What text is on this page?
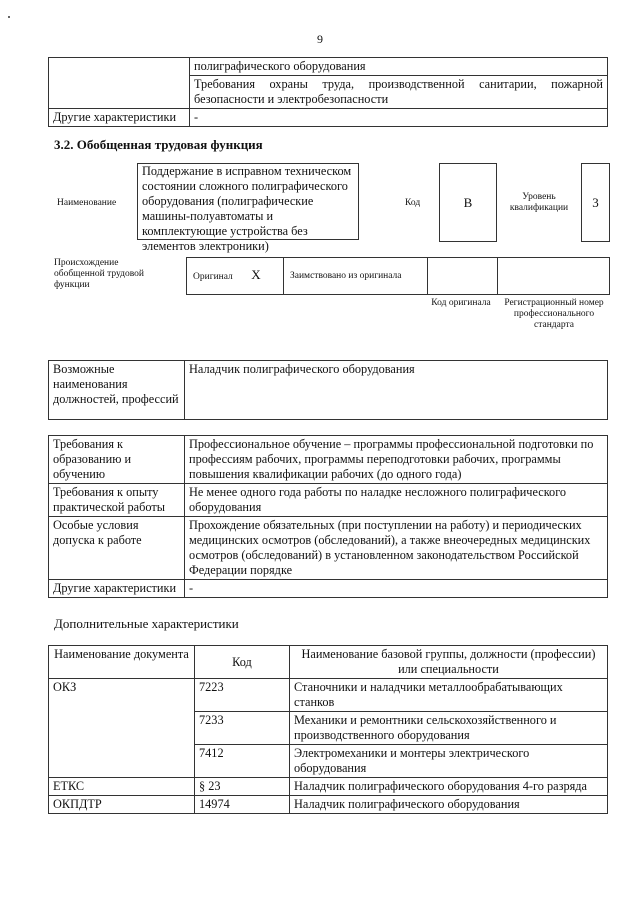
9
	полиграфического оборудования
	Требования охраны труда, производственной санитарии, пожарной безопасности и электробезопасности
Другие характеристики	-
3.2. Обобщенная трудовая функция
Наименование
Поддержание в исправном техническом состоянии сложного полиграфического оборудования (полиграфические машины-полуавтоматы и комплектующие устройства без элементов электроники)
Код	B	Уровень квалификации	3
Происхождение обобщенной трудовой функции
Оригинал X	Заимствовано из оригинала		
Код оригинала	Регистрационный номер профессионального стандарта
Возможные наименования должностей, профессий	Наладчик полиграфического оборудования
Требования к образованию и обучению	Профессиональное обучение – программы профессиональной подготовки по профессиям рабочих, программы переподготовки рабочих, программы повышения квалификации рабочих (до одного года)
Требования к опыту практической работы	Не менее одного года работы по наладке несложного полиграфического оборудования
Особые условия допуска к работе	Прохождение обязательных (при поступлении на работу) и периодических медицинских осмотров (обследований), а также внеочередных медицинских осмотров (обследований) в установленном законодательством Российской Федерации порядке
Другие характеристики	-
Дополнительные характеристики
Наименование документа	Код	Наименование базовой группы, должности (профессии) или специальности
ОКЗ	7223	Станочники и наладчики металлообрабатывающих станков
	7233	Механики и ремонтники сельскохозяйственного и производственного оборудования
	7412	Электромеханики и монтеры электрического оборудования
ЕТКС	§ 23	Наладчик полиграфического оборудования 4-го разряда
ОКПДТР	14974	Наладчик полиграфического оборудования
